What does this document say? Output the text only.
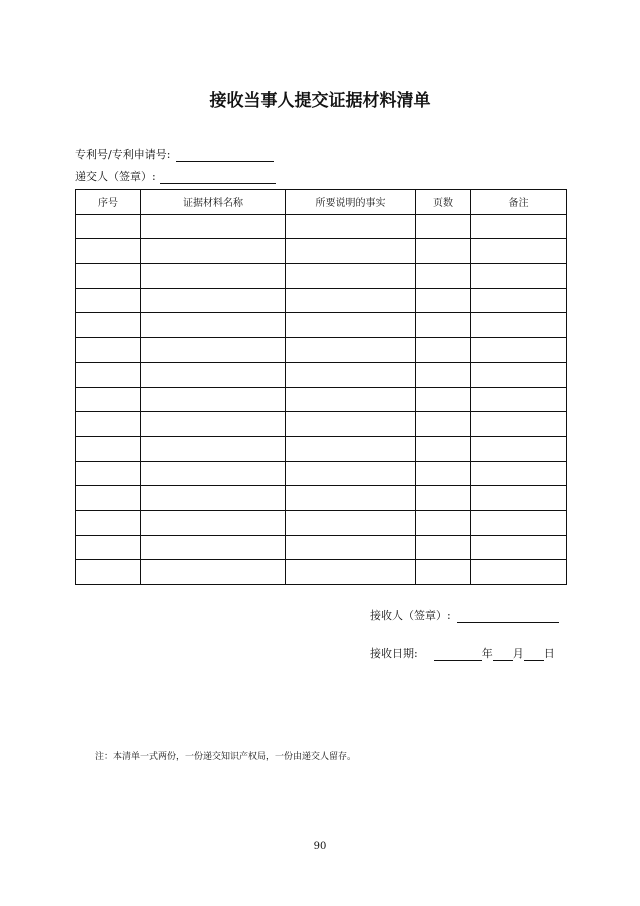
接收当事人提交证据材料清单
专利号/专利申请号:
递交人（签章）:
序号	证据材料名称	所要说明的事实	页数	备注

接收人（签章）:
接收日期:	年 月 日
注：本清单一式两份，一份递交知识产权局，一份由递交人留存。
90
